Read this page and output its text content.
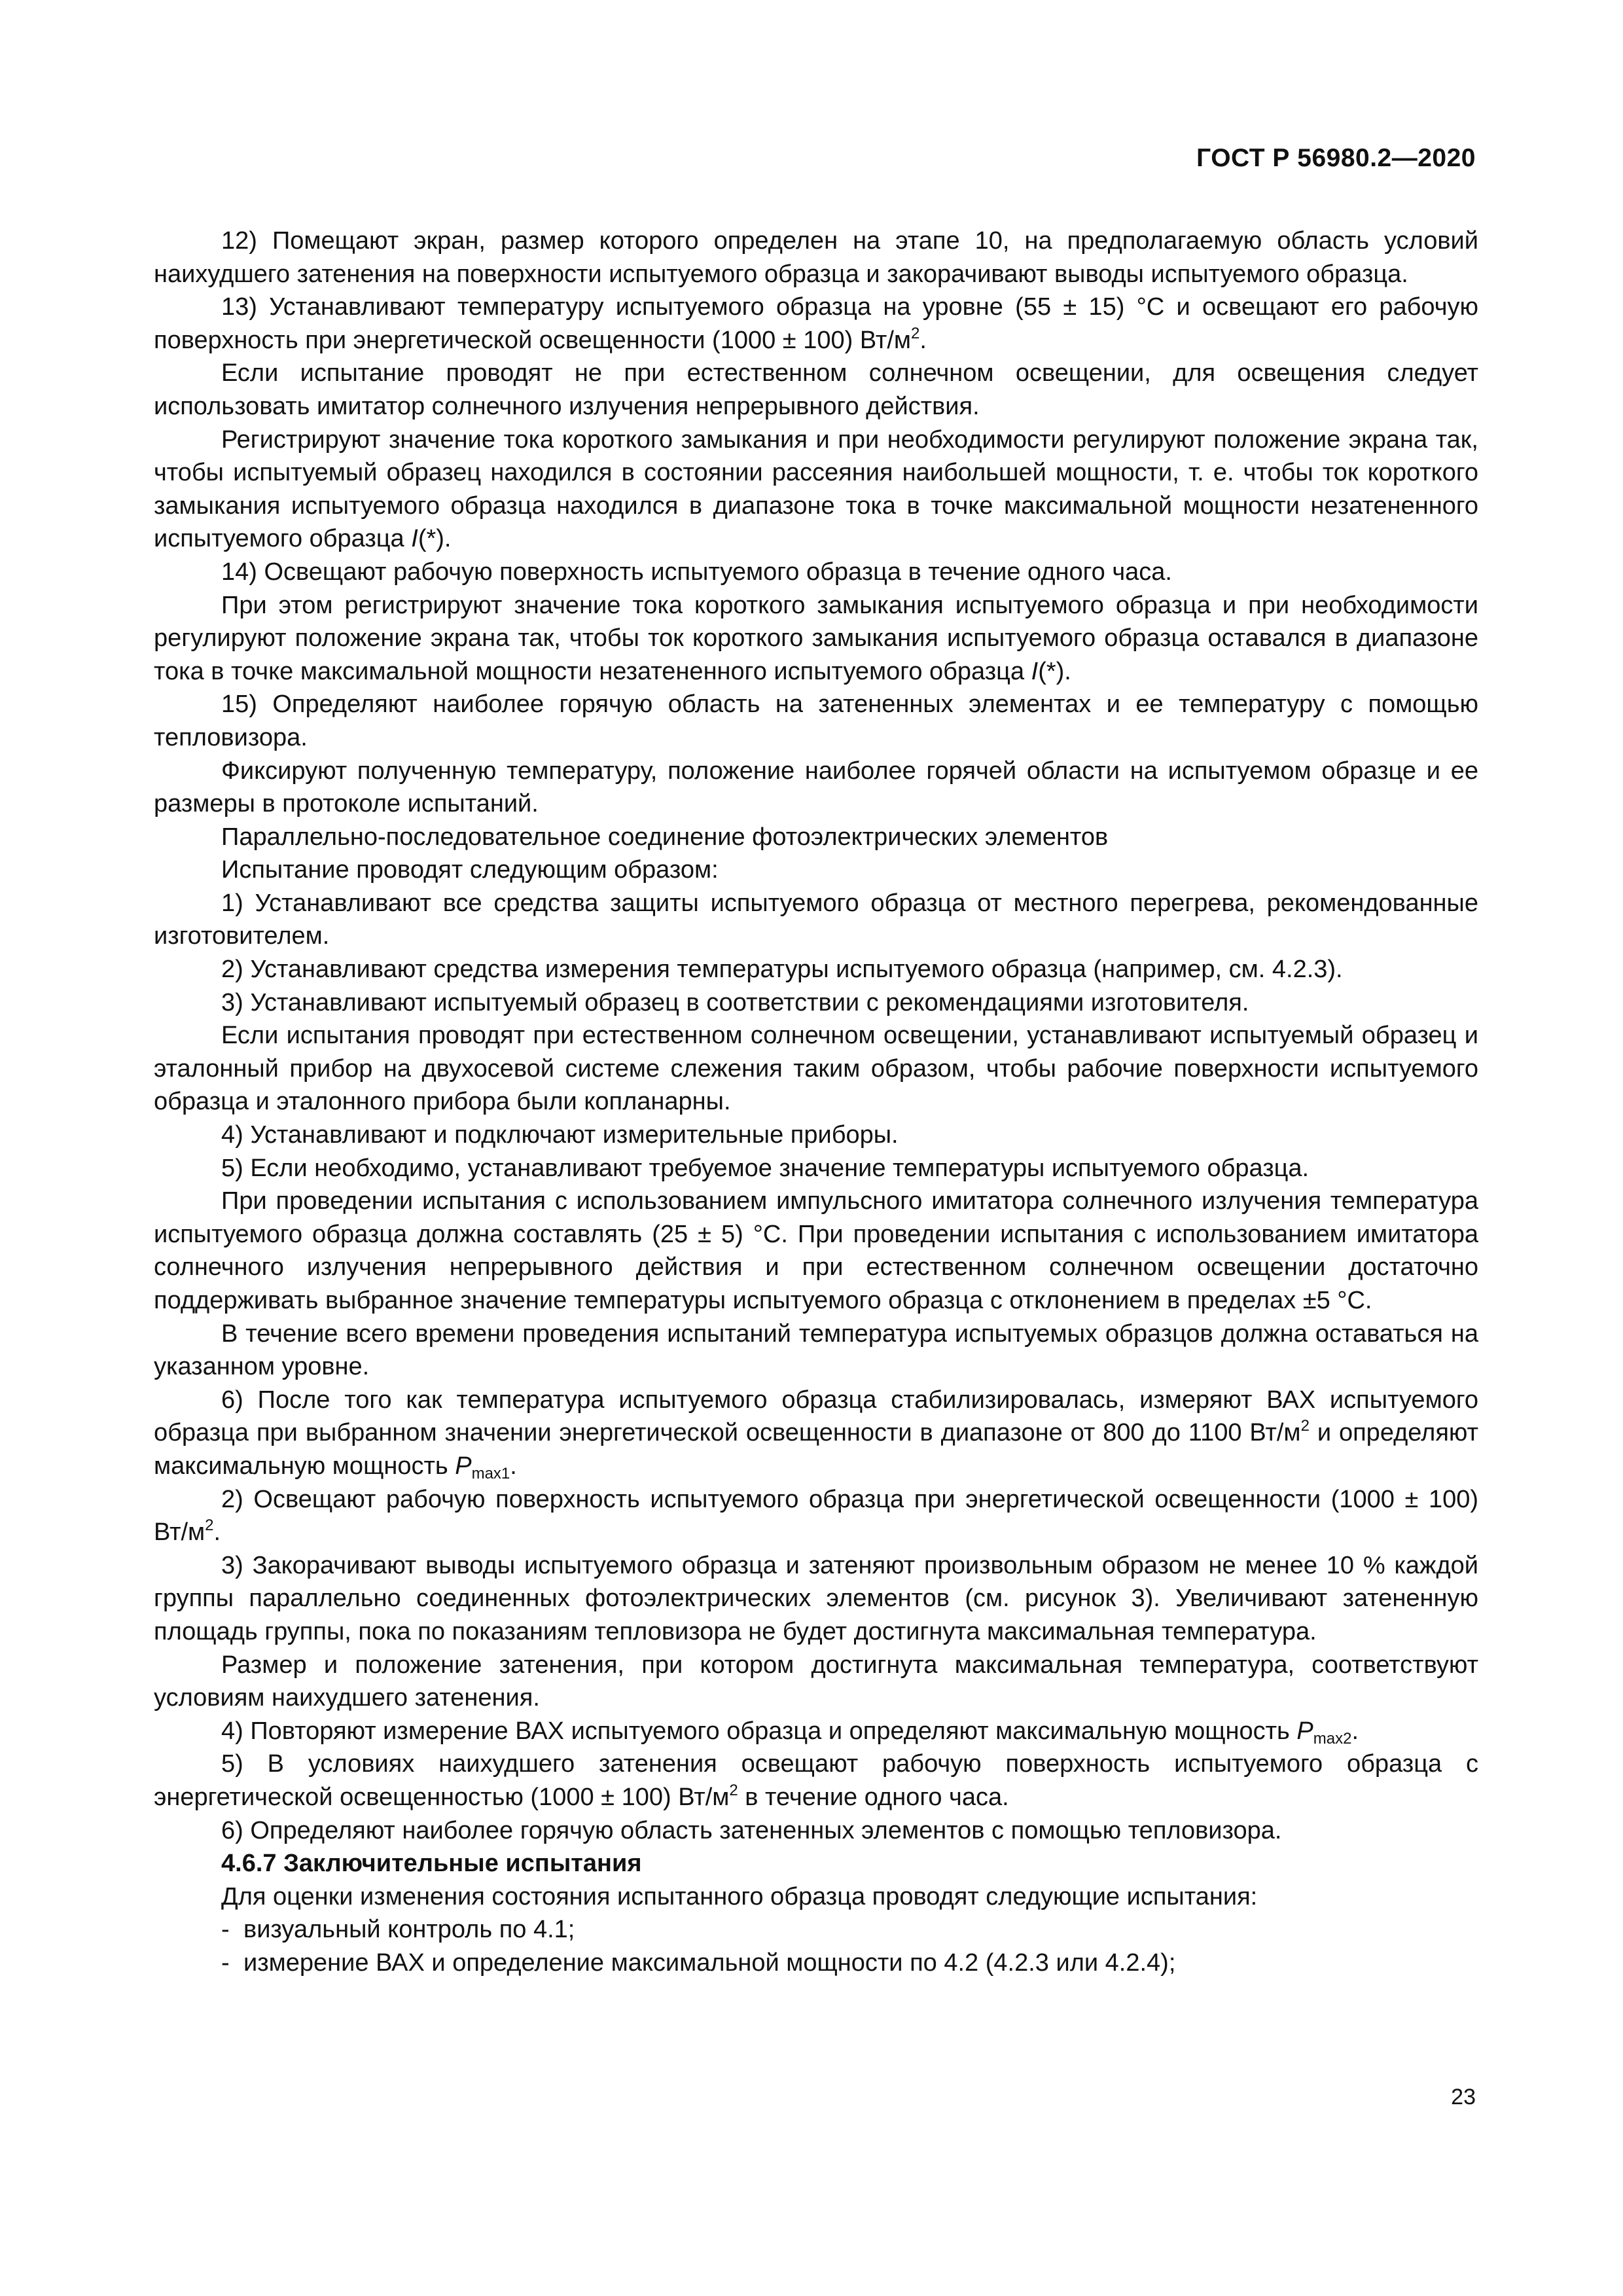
ГОСТ Р 56980.2—2020

12) Помещают экран, размер которого определен на этапе 10, на предполагаемую область условий наихудшего затенения на поверхности испытуемого образца и закорачивают выводы испытуемого образца.

13) Устанавливают температуру испытуемого образца на уровне (55 ± 15) °С и освещают его рабочую поверхность при энергетической освещенности (1000 ± 100) $Вт/м^2$.

Если испытание проводят не при естественном солнечном освещении, для освещения следует использовать имитатор солнечного излучения непрерывного действия.

Регистрируют значение тока короткого замыкания и при необходимости регулируют положение экрана так, чтобы испытуемый образец находился в состоянии рассеяния наибольшей мощности, т. е. чтобы ток короткого замыкания испытуемого образца находился в диапазоне тока в точке максимальной мощности незатененного испытуемого образца I(*).

14) Освещают рабочую поверхность испытуемого образца в течение одного часа.

При этом регистрируют значение тока короткого замыкания испытуемого образца и при необходимости регулируют положение экрана так, чтобы ток короткого замыкания испытуемого образца оставался в диапазоне тока в точке максимальной мощности незатененного испытуемого образца I(*).

15) Определяют наиболее горячую область на затененных элементах и ее температуру с помощью тепловизора.

Фиксируют полученную температуру, положение наиболее горячей области на испытуемом образце и ее размеры в протоколе испытаний.

Параллельно-последовательное соединение фотоэлектрических элементов

Испытание проводят следующим образом:

1) Устанавливают все средства защиты испытуемого образца от местного перегрева, рекомендованные изготовителем.

2) Устанавливают средства измерения температуры испытуемого образца (например, см. 4.2.3).

3) Устанавливают испытуемый образец в соответствии с рекомендациями изготовителя.

Если испытания проводят при естественном солнечном освещении, устанавливают испытуемый образец и эталонный прибор на двухосевой системе слежения таким образом, чтобы рабочие поверхности испытуемого образца и эталонного прибора были копланарны.

4) Устанавливают и подключают измерительные приборы.

5) Если необходимо, устанавливают требуемое значение температуры испытуемого образца.

При проведении испытания с использованием импульсного имитатора солнечного излучения температура испытуемого образца должна составлять (25 ± 5) °С. При проведении испытания с использованием имитатора солнечного излучения непрерывного действия и при естественном солнечном освещении достаточно поддерживать выбранное значение температуры испытуемого образца с отклонением в пределах ±5 °С.

В течение всего времени проведения испытаний температура испытуемых образцов должна оставаться на указанном уровне.

6) После того как температура испытуемого образца стабилизировалась, измеряют ВАХ испытуемого образца при выбранном значении энергетической освещенности в диапазоне от 800 до 1100 $Вт/м^2$ и определяют максимальную мощность $P_{max1}$.

2) Освещают рабочую поверхность испытуемого образца при энергетической освещенности (1000 ± 100) $Вт/м^2$.

3) Закорачивают выводы испытуемого образца и затеняют произвольным образом не менее 10 % каждой группы параллельно соединенных фотоэлектрических элементов (см. рисунок 3). Увеличивают затененную площадь группы, пока по показаниям тепловизора не будет достигнута максимальная температура.

Размер и положение затенения, при котором достигнута максимальная температура, соответствуют условиям наихудшего затенения.

4) Повторяют измерение ВАХ испытуемого образца и определяют максимальную мощность $P_{max2}$.

5) В условиях наихудшего затенения освещают рабочую поверхность испытуемого образца с энергетической освещенностью (1000 ± 100) $Вт/м^2$ в течение одного часа.

6) Определяют наиболее горячую область затененных элементов с помощью тепловизора.

4.6.7 Заключительные испытания

Для оценки изменения состояния испытанного образца проводят следующие испытания:

- визуальный контроль по 4.1;

- измерение ВАХ и определение максимальной мощности по 4.2 (4.2.3 или 4.2.4);

23
